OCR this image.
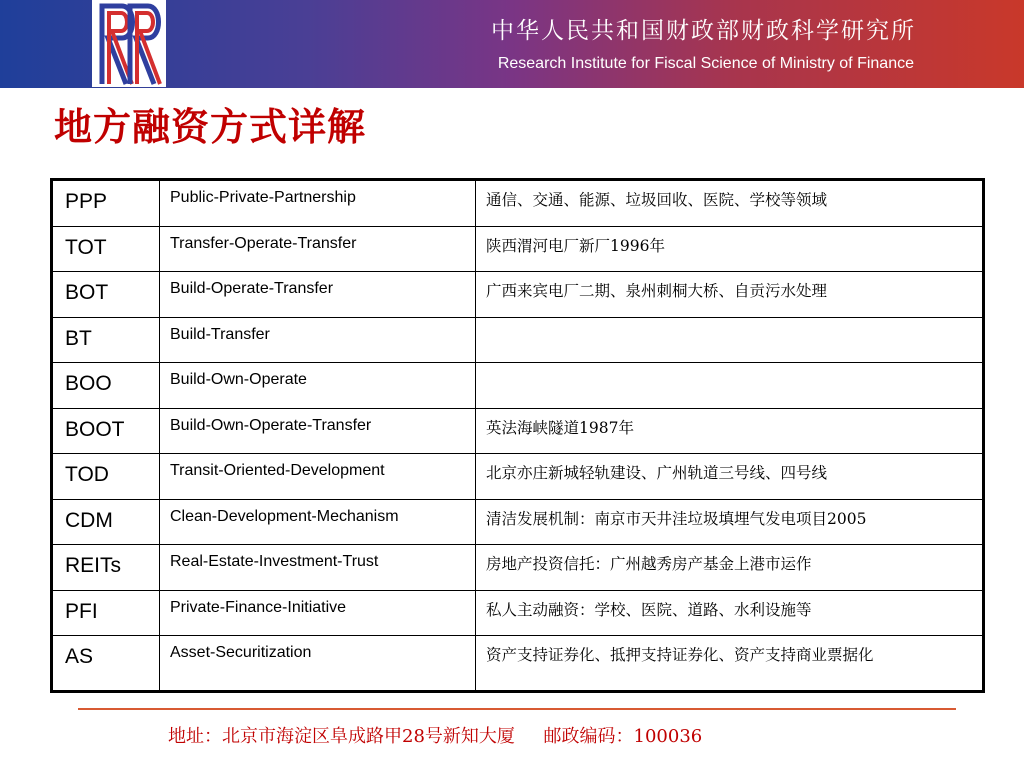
中华人民共和国财政部财政科学研究所
Research Institute for Fiscal Science of Ministry of Finance
地方融资方式详解
PPP	Public-Private-Partnership	通信、交通、能源、垃圾回收、医院、学校等领域
TOT	Transfer-Operate-Transfer	陕西渭河电厂新厂1996年
BOT	Build-Operate-Transfer	广西来宾电厂二期、泉州刺桐大桥、自贡污水处理
BT	Build-Transfer	
BOO	Build-Own-Operate	
BOOT	Build-Own-Operate-Transfer	英法海峡隧道1987年
TOD	Transit-Oriented-Development	北京亦庄新城轻轨建设、广州轨道三号线、四号线
CDM	Clean-Development-Mechanism	清洁发展机制：南京市天井洼垃圾填埋气发电项目2005
REITs	Real-Estate-Investment-Trust	房地产投资信托：广州越秀房产基金上港市运作
PFI	Private-Finance-Initiative	私人主动融资：学校、医院、道路、水利设施等
AS	Asset-Securitization	资产支持证券化、抵押支持证券化、资产支持商业票据化
地址：北京市海淀区阜成路甲28号新知大厦     邮政编码：100036
